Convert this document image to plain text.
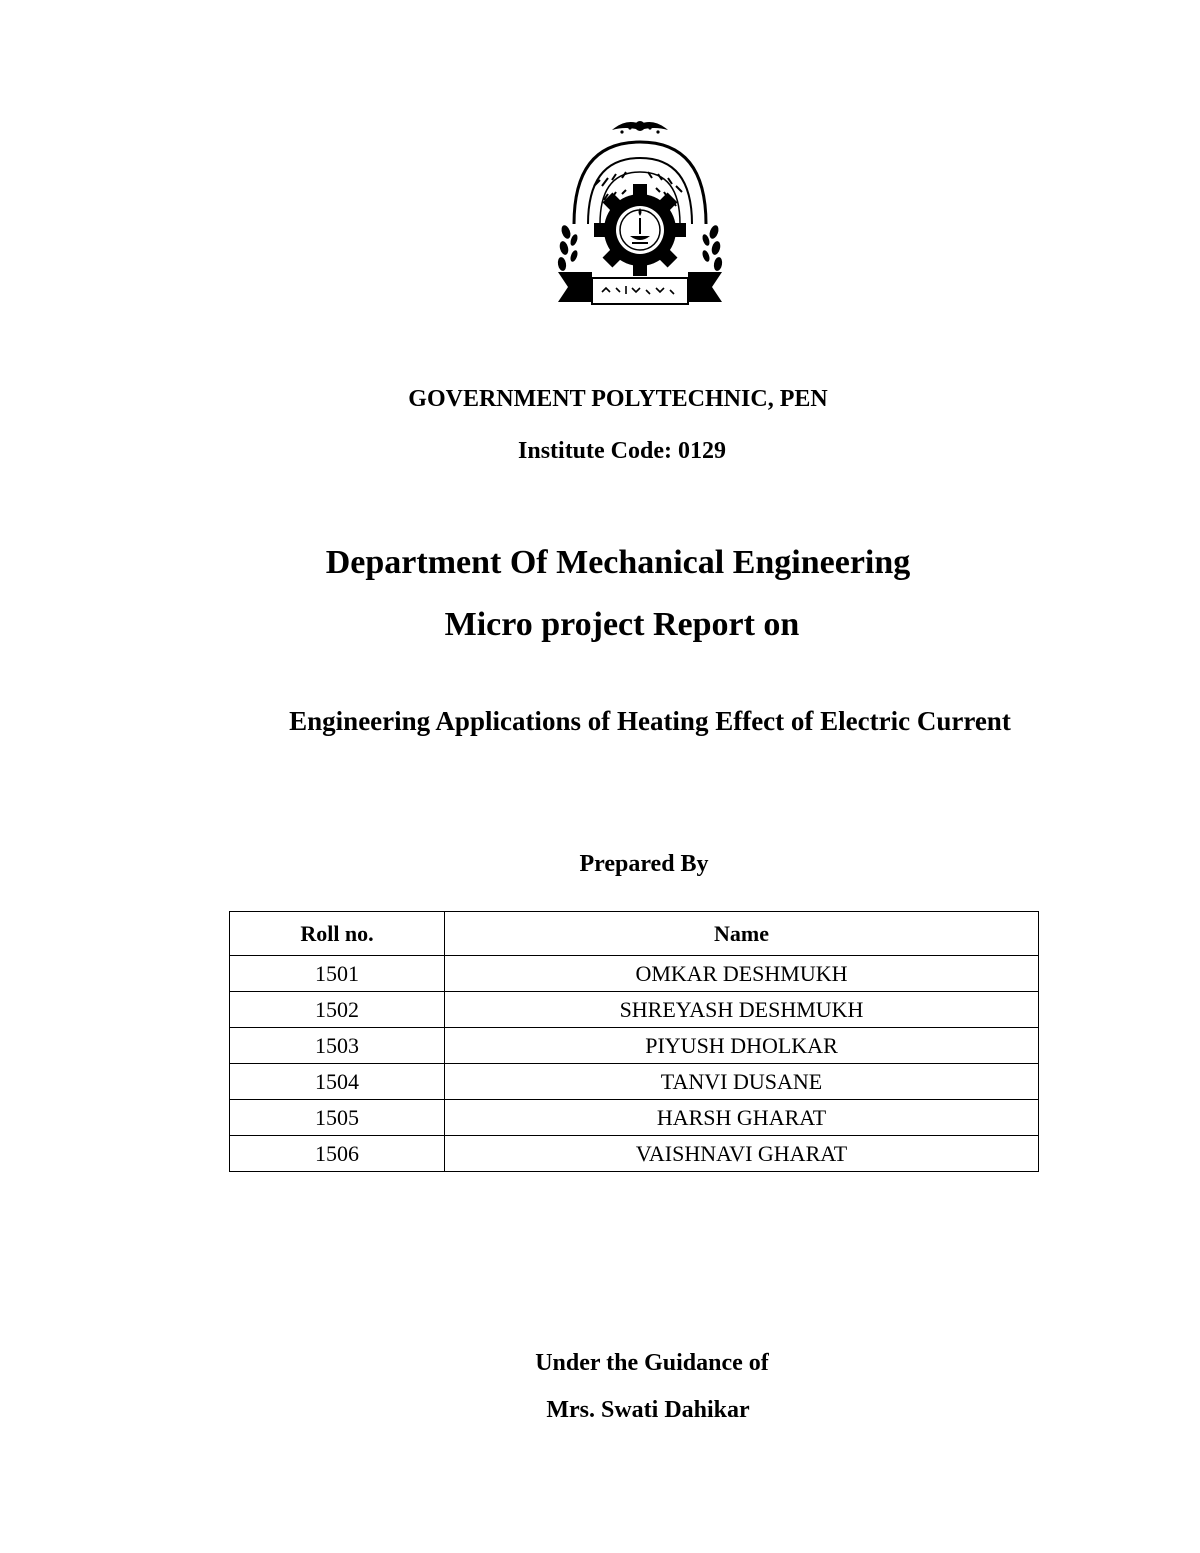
GOVERNMENT POLYTECHNIC, PEN
Institute Code: 0129
Department Of Mechanical Engineering
Micro project Report on
Engineering Applications of Heating Effect of Electric Current
Prepared By
Roll no.	Name
1501	OMKAR DESHMUKH
1502	SHREYASH DESHMUKH
1503	PIYUSH DHOLKAR
1504	TANVI DUSANE
1505	HARSH GHARAT
1506	VAISHNAVI GHARAT
Under the Guidance of
Mrs. Swati Dahikar
